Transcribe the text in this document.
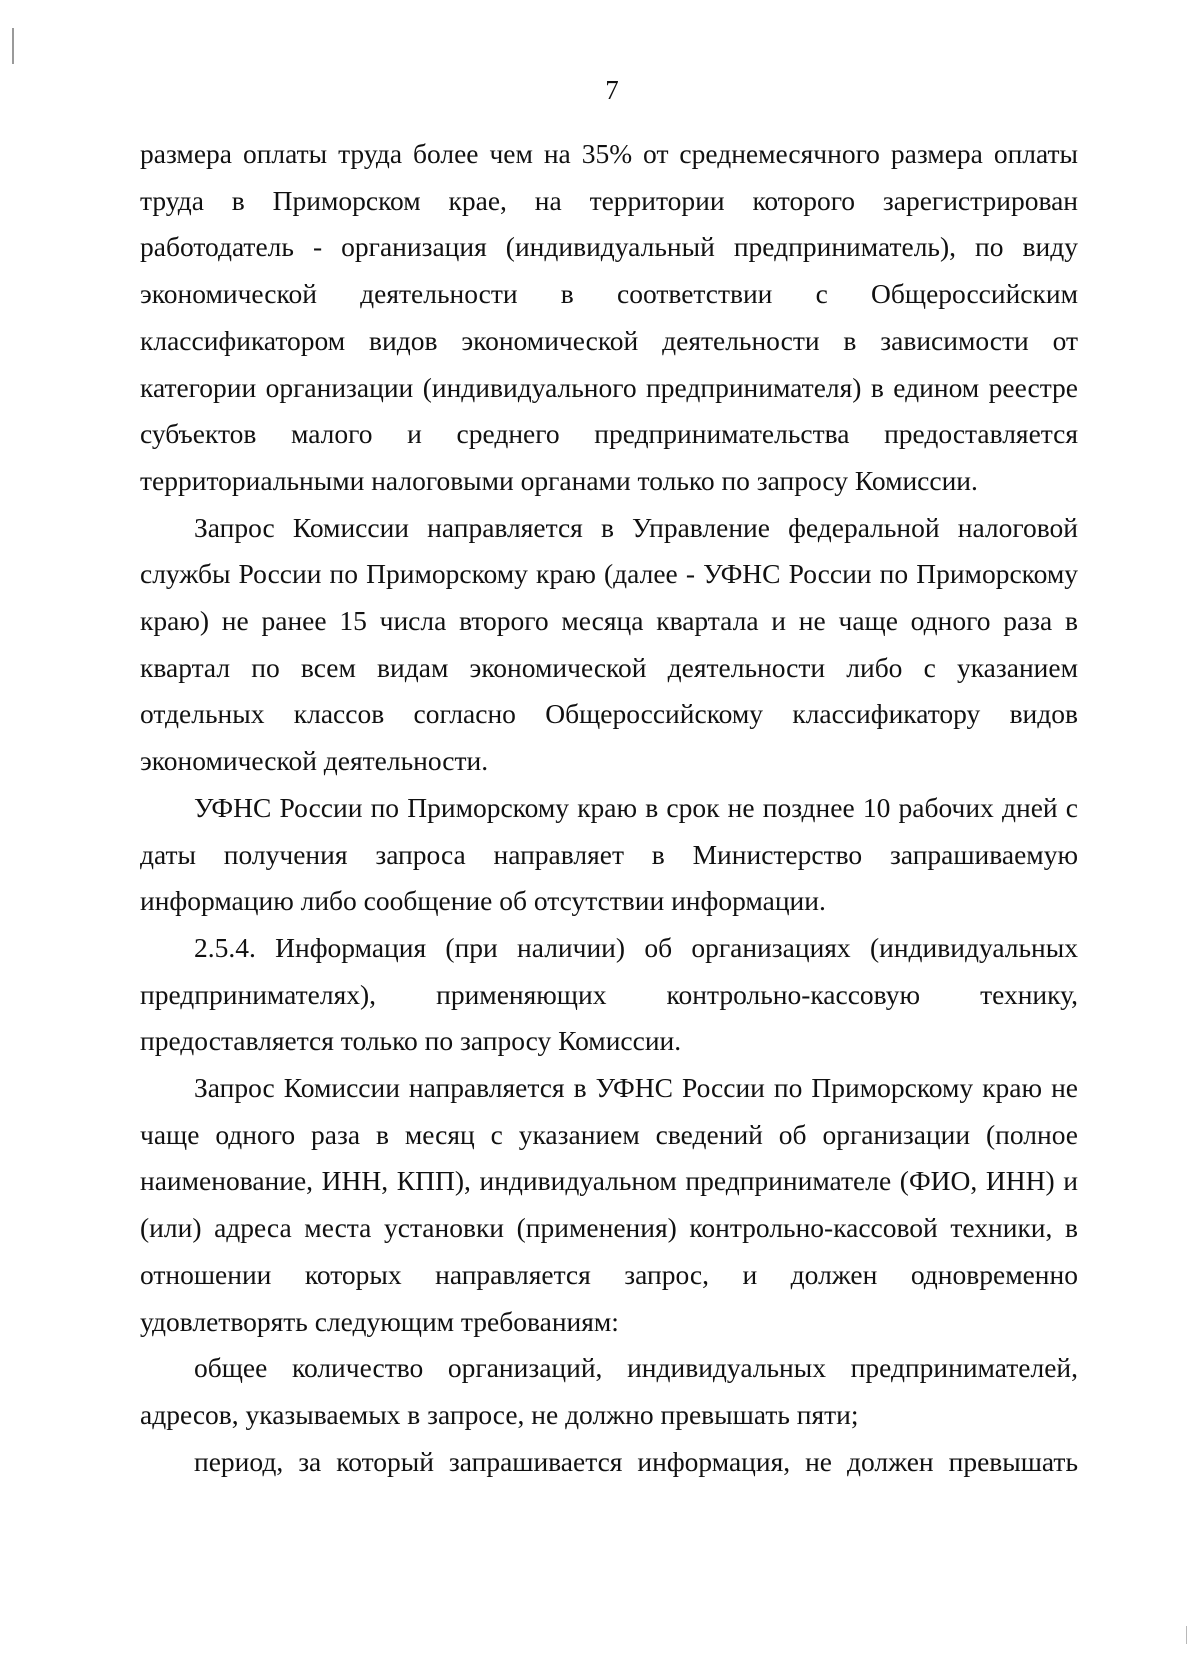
7

размера оплаты труда более чем на 35% от среднемесячного размера оплаты труда в Приморском крае, на территории которого зарегистрирован работодатель - организация (индивидуальный предприниматель), по виду экономической деятельности в соответствии с Общероссийским классификатором видов экономической деятельности в зависимости от категории организации (индивидуального предпринимателя) в едином реестре субъектов малого и среднего предпринимательства предоставляется территориальными налоговыми органами только по запросу Комиссии.

Запрос Комиссии направляется в Управление федеральной налоговой службы России по Приморскому краю (далее - УФНС России по Приморскому краю) не ранее 15 числа второго месяца квартала и не чаще одного раза в квартал по всем видам экономической деятельности либо с указанием отдельных классов согласно Общероссийскому классификатору видов экономической деятельности.

УФНС России по Приморскому краю в срок не позднее 10 рабочих дней с даты получения запроса направляет в Министерство запрашиваемую информацию либо сообщение об отсутствии информации.

2.5.4. Информация (при наличии) об организациях (индивидуальных предпринимателях), применяющих контрольно-кассовую технику, предоставляется только по запросу Комиссии.

Запрос Комиссии направляется в УФНС России по Приморскому краю не чаще одного раза в месяц с указанием сведений об организации (полное наименование, ИНН, КПП), индивидуальном предпринимателе (ФИО, ИНН) и (или) адреса места установки (применения) контрольно-кассовой техники, в отношении которых направляется запрос, и должен одновременно удовлетворять следующим требованиям:

общее количество организаций, индивидуальных предпринимателей, адресов, указываемых в запросе, не должно превышать пяти;

период, за который запрашивается информация, не должен превышать
